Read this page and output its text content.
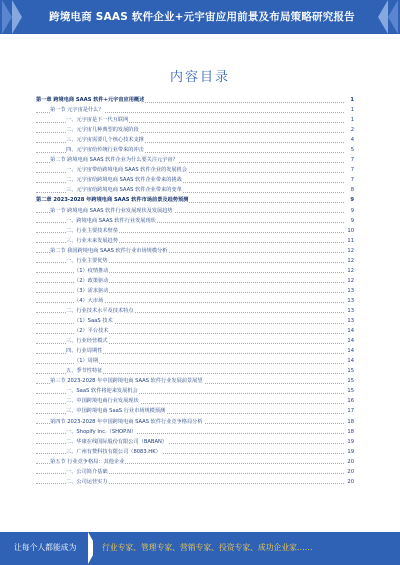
跨境电商 SAAS 软件企业+元宇宙应用前景及布局策略研究报告
内容目录
第一章 跨境电商 SAAS 软件+元宇宙应用概述	1
第一节 元宇宙是什么？	1
一、元宇宙是下一代互联网	1
二、元宇宙几种典型的发展阶段	2
三、元宇宙需要几个核心技术支撑	4
四、元宇宙给传统行业带来的冲击	5
第二节 跨境电商 SAAS 软件企业为什么要关注元宇宙？	7
一、元宇宙带给跨境电商 SAAS 软件企业的发展机会	7
二、元宇宙给跨境电商 SAAS 软件企业带来的挑战	7
三、元宇宙给跨境电商 SAAS 软件企业带来的变革	8
第二章 2023-2028 年跨境电商 SAAS 软件市场前景及趋势预测	9
第一节 跨境电商 SAAS 软件行业发展现状及发展趋势	9
一、跨境电商 SAAS 软件行业发展现状	9
二、行业主要技术壁垒	10
三、行业未来发展趋势	11
第二节 我国跨境电商 SAAS 软件行业市场规模分析	12
一、行业主要优势	12
（1）疫情推动	12
（2）政策驱动	12
（3）需求驱动	13
（4）大市场	13
二、行业技术水平及技术特点	13
（1）SaaS 技术	13
（2）平台技术	14
三、行业经营模式	14
四、行业周期性	14
（1）周期	14
五、季节性特征	15
第三节 2023-2028 年中国跨境电商 SAAS 软件行业发展前景展望	15
一、SaaS 软件将迎来发展机会	15
二、中国跨境电商行业发展现状	16
三、中国跨境电商 SaaS 行业市场规模预测	17
第四节 2023-2028 年中国跨境电商 SAAS 软件行业竞争格局分析	18
一、Shopify Inc.（SHOP.N）	18
二、华康在线国际股份有限公司（BABAN）	19
三、广州有赞科技有限公司（8083.HK）	19
第五节 行业竞争格局：其他企业	20
一、公司简介基础	20
二、公司运营实力	20
让每个人都能成为	行业专家、管理专家、营销专家、投资专家、成功企业家……
